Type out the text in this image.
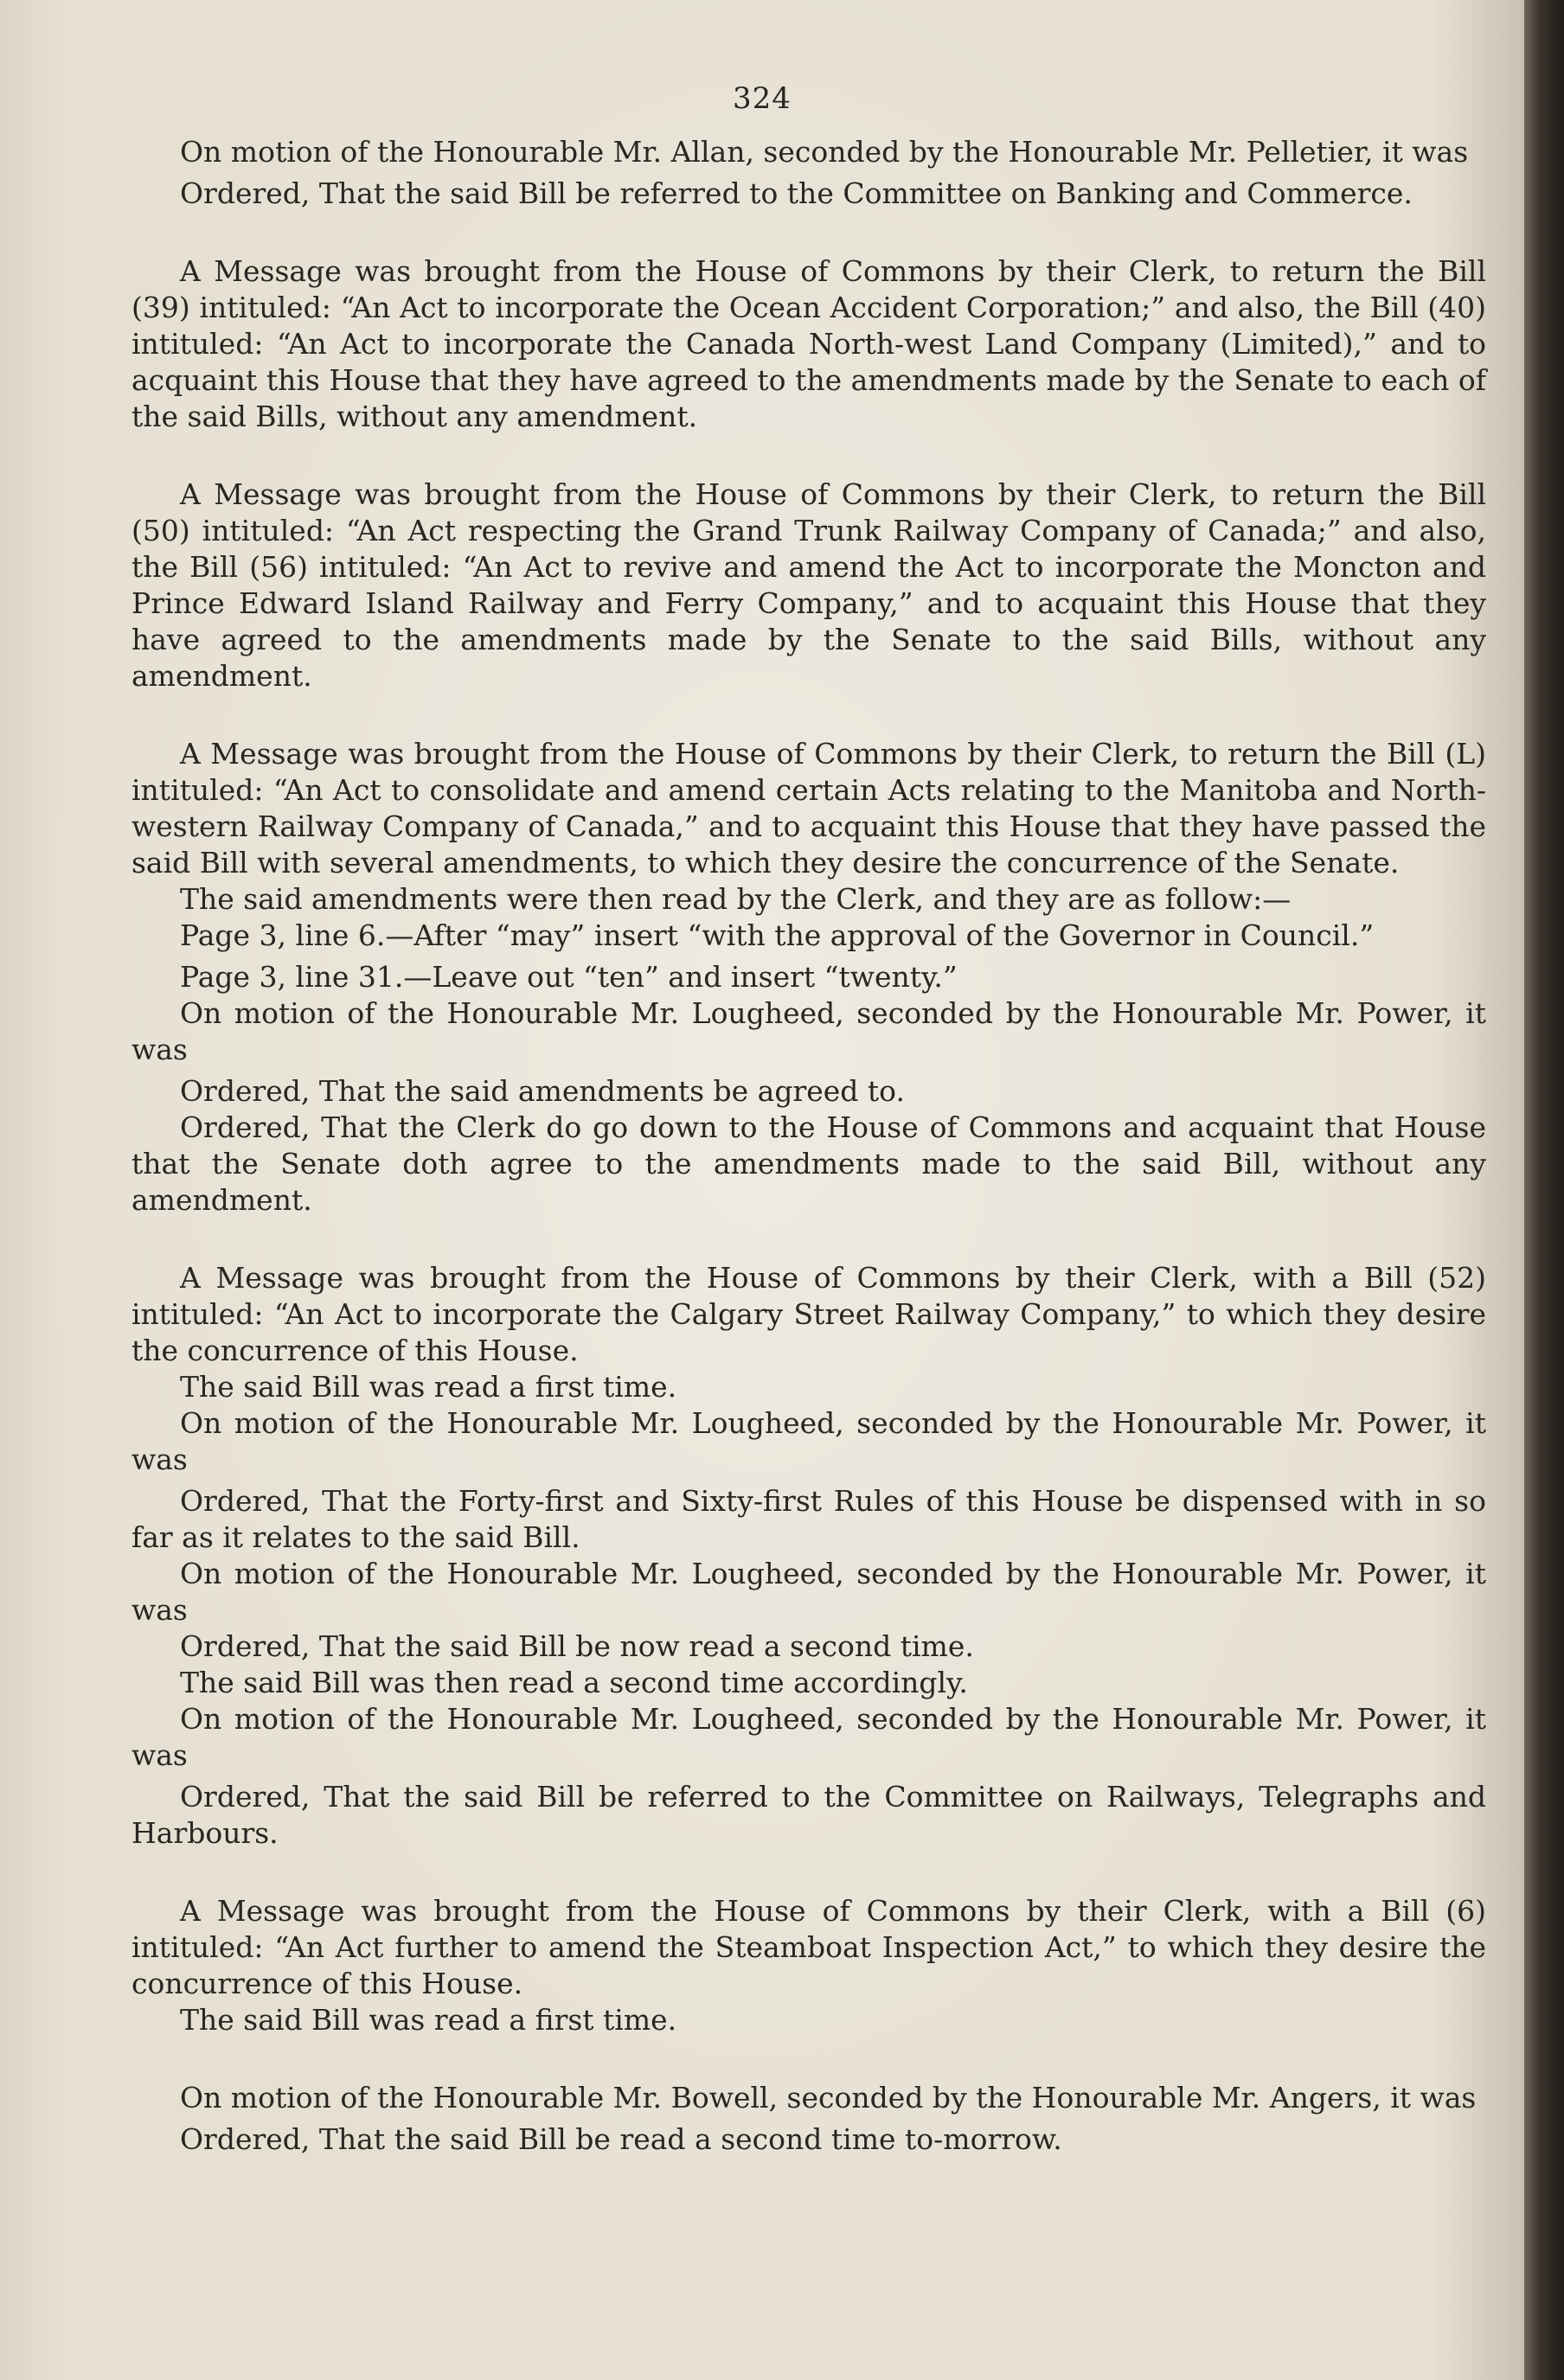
324

On motion of the Honourable Mr. Allan, seconded by the Honourable Mr. Pelletier, it was

Ordered, That the said Bill be referred to the Committee on Banking and Commerce.

A Message was brought from the House of Commons by their Clerk, to return the Bill (39) intituled: “An Act to incorporate the Ocean Accident Corporation;” and also, the Bill (40) intituled: “An Act to incorporate the Canada North-west Land Company (Limited),” and to acquaint this House that they have agreed to the amendments made by the Senate to each of the said Bills, without any amendment.

A Message was brought from the House of Commons by their Clerk, to return the Bill (50) intituled: “An Act respecting the Grand Trunk Railway Company of Canada;” and also, the Bill (56) intituled: “An Act to revive and amend the Act to incorporate the Moncton and Prince Edward Island Railway and Ferry Company,” and to acquaint this House that they have agreed to the amendments made by the Senate to the said Bills, without any amendment.

A Message was brought from the House of Commons by their Clerk, to return the Bill (L) intituled: “An Act to consolidate and amend certain Acts relating to the Manitoba and North-western Railway Company of Canada,” and to acquaint this House that they have passed the said Bill with several amendments, to which they desire the concurrence of the Senate.

The said amendments were then read by the Clerk, and they are as follow:—

Page 3, line 6.—After “may” insert “with the approval of the Governor in Council.”

Page 3, line 31.—Leave out “ten” and insert “twenty.”

On motion of the Honourable Mr. Lougheed, seconded by the Honourable Mr. Power, it was

Ordered, That the said amendments be agreed to.

Ordered, That the Clerk do go down to the House of Commons and acquaint that House that the Senate doth agree to the amendments made to the said Bill, without any amendment.

A Message was brought from the House of Commons by their Clerk, with a Bill (52) intituled: “An Act to incorporate the Calgary Street Railway Company,” to which they desire the concurrence of this House.

The said Bill was read a first time.

On motion of the Honourable Mr. Lougheed, seconded by the Honourable Mr. Power, it was

Ordered, That the Forty-first and Sixty-first Rules of this House be dispensed with in so far as it relates to the said Bill.

On motion of the Honourable Mr. Lougheed, seconded by the Honourable Mr. Power, it was

Ordered, That the said Bill be now read a second time.

The said Bill was then read a second time accordingly.

On motion of the Honourable Mr. Lougheed, seconded by the Honourable Mr. Power, it was

Ordered, That the said Bill be referred to the Committee on Railways, Telegraphs and Harbours.

A Message was brought from the House of Commons by their Clerk, with a Bill (6) intituled: “An Act further to amend the Steamboat Inspection Act,” to which they desire the concurrence of this House.

The said Bill was read a first time.

On motion of the Honourable Mr. Bowell, seconded by the Honourable Mr. Angers, it was

Ordered, That the said Bill be read a second time to-morrow.
